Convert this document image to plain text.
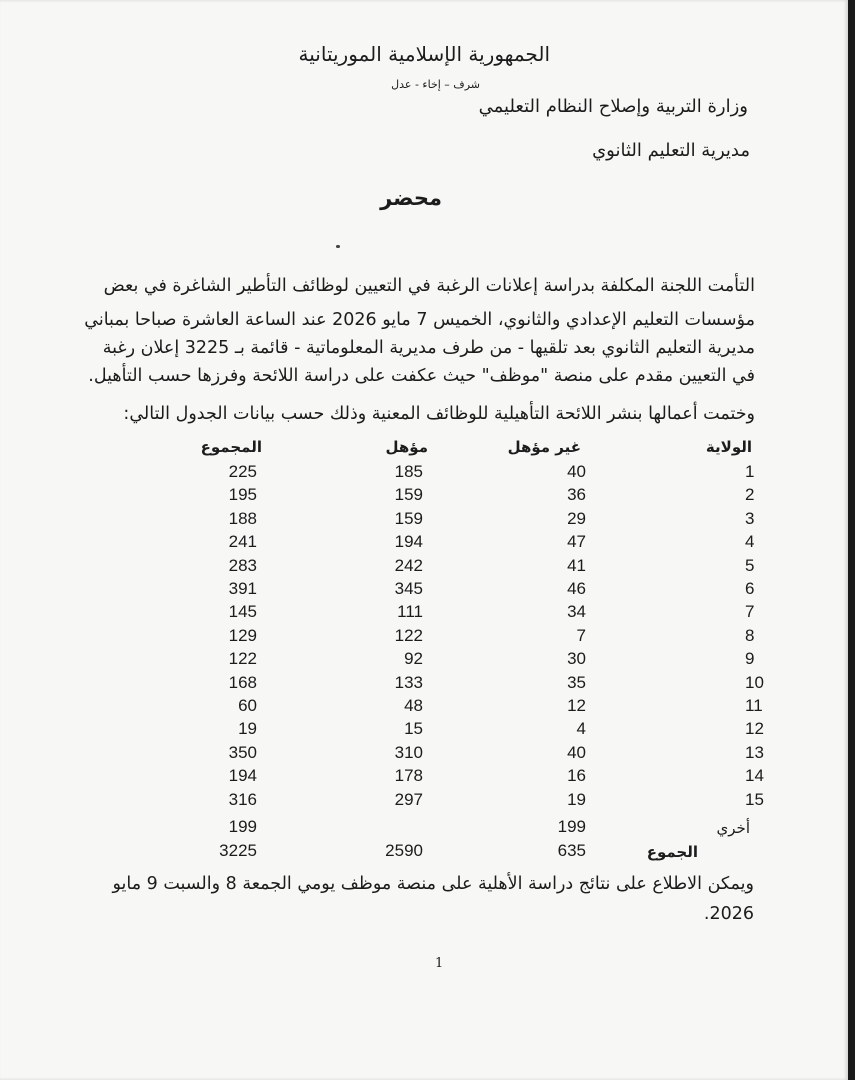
الجمهورية الإسلامية الموريتانية
شرف – إخاء - عدل
وزارة التربية وإصلاح النظام التعليمي
مديرية التعليم الثانوي
محضر
التأمت اللجنة المكلفة بدراسة إعلانات الرغبة في التعيين لوظائف التأطير الشاغرة في بعض
مؤسسات التعليم الإعدادي والثانوي، الخميس 7 مايو 2026 عند الساعة العاشرة صباحا بمباني
مديرية التعليم الثانوي بعد تلقيها - من طرف مديرية المعلوماتية - قائمة بـ 3225 إعلان رغبة
في التعيين مقدم على منصة "موظف" حيث عكفت على دراسة اللائحة وفرزها حسب التأهيل.
وختمت أعمالها بنشر اللائحة التأهيلية للوظائف المعنية وذلك حسب بيانات الجدول التالي:
الولاية
غير مؤهل
مؤهل
المجموع
1
40
185
225
2
36
159
195
3
29
159
188
4
47
194
241
5
41
242
283
6
46
345
391
7
34
111
145
8
7
122
129
9
30
92
122
10
35
133
168
11
12
48
60
12
4
15
19
13
40
310
350
14
16
178
194
15
19
297
316
أخري
199
199
الجموع
635
2590
3225
ويمكن الاطلاع على نتائج دراسة الأهلية على منصة موظف يومي الجمعة 8 والسبت 9 مايو
2026.
1
